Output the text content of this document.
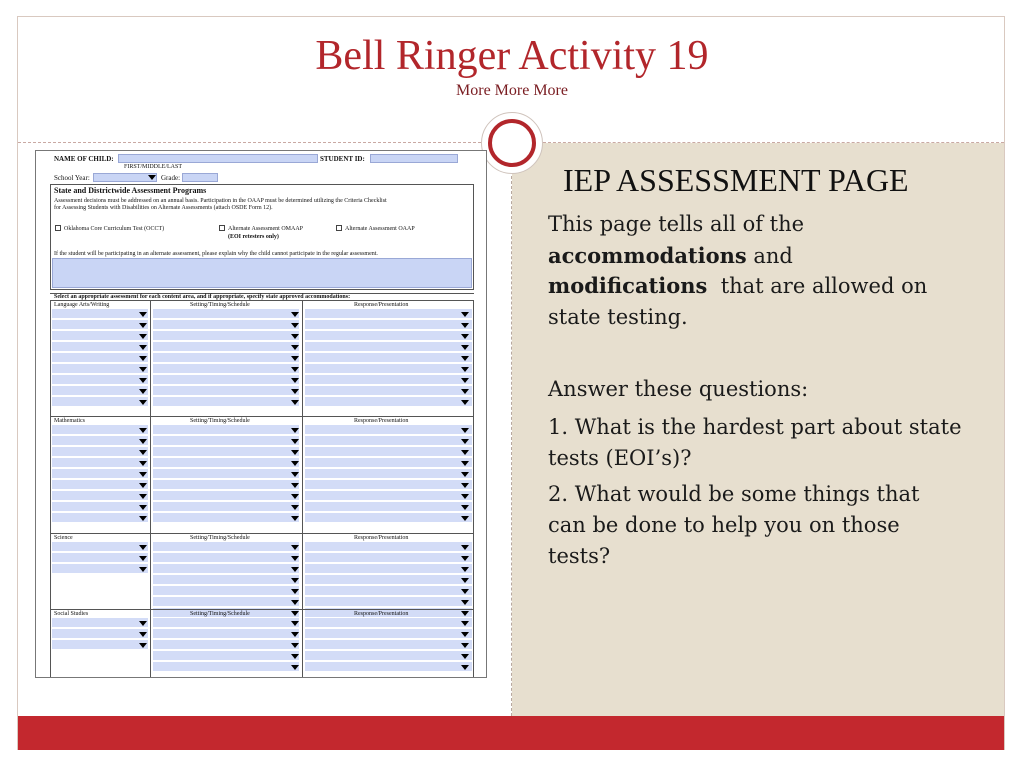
Bell Ringer Activity 19
More More More
IEP ASSESSMENT PAGE
This page tells all of the
accommodations and
modifications that are allowed on
state testing.
Answer these questions:
1. What is the hardest part about state
tests (EOI’s)?
2. What would be some things that
can be done to help you on those
tests?
NAME OF CHILD:
FIRST/MIDDLE/LAST
STUDENT ID:
School Year:	Grade:
State and Districtwide Assessment Programs
Assessment decisions must be addressed on an annual basis. Participation in the OAAP must be determined utilizing the Criteria Checklist
for Assessing Students with Disabilities on Alternate Assessments (attach OSDE Form 12).
Oklahoma Core Curriculum Test (OCCT)	Alternate Assessment OMAAP
(EOI retesters only)
Alternate Assessment OAAP
If the student will be participating in an alternate assessment, please explain why the child cannot participate in the regular assessment.
Select an appropriate assessment for each content area, and if appropriate, specify state approved accommodations:
Language Arts/Writing	Setting/Timing/Schedule	Response/Presentation
Mathematics	Setting/Timing/Schedule	Response/Presentation
Science	Setting/Timing/Schedule	Response/Presentation
Social Studies	Setting/Timing/Schedule	Response/Presentation
